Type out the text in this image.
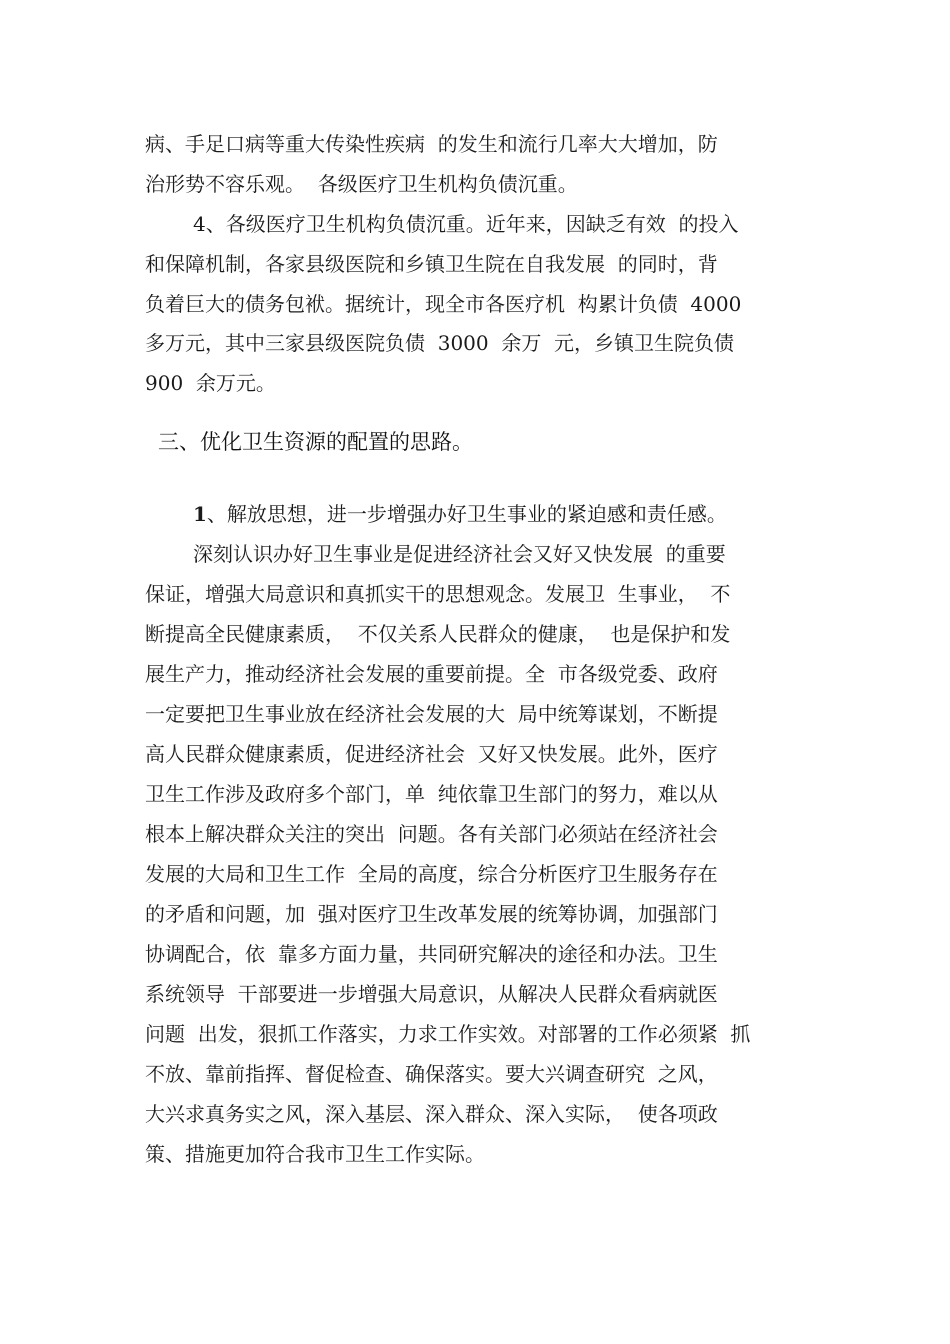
病、手足口病等重大传染性疾病  的发生和流行几率大大增加，防

治形势不容乐观。  各级医疗卫生机构负债沉重。

4、各级医疗卫生机构负债沉重。近年来，因缺乏有效  的投入

和保障机制，各家县级医院和乡镇卫生院在自我发展  的同时，背

负着巨大的债务包袱。据统计，现全市各医疗机  构累计负债  4000

多万元，其中三家县级医院负债  3000  余万  元，乡镇卫生院负债

900  余万元。

三、优化卫生资源的配置的思路。

1、解放思想，进一步增强办好卫生事业的紧迫感和责任感。

深刻认识办好卫生事业是促进经济社会又好又快发展  的重要

保证，增强大局意识和真抓实干的思想观念。发展卫  生事业，  不

断提高全民健康素质，  不仅关系人民群众的健康，  也是保护和发

展生产力，推动经济社会发展的重要前提。全  市各级党委、政府

一定要把卫生事业放在经济社会发展的大  局中统筹谋划，不断提

高人民群众健康素质，促进经济社会  又好又快发展。此外，医疗

卫生工作涉及政府多个部门，单  纯依靠卫生部门的努力，难以从

根本上解决群众关注的突出  问题。各有关部门必须站在经济社会

发展的大局和卫生工作  全局的高度，综合分析医疗卫生服务存在

的矛盾和问题，加  强对医疗卫生改革发展的统筹协调，加强部门

协调配合，依  靠多方面力量，共同研究解决的途径和办法。卫生

系统领导  干部要进一步增强大局意识，从解决人民群众看病就医

问题  出发，狠抓工作落实，力求工作实效。对部署的工作必须紧  抓

不放、靠前指挥、督促检查、确保落实。要大兴调查研究  之风，

大兴求真务实之风，深入基层、深入群众、深入实际，  使各项政

策、措施更加符合我市卫生工作实际。
